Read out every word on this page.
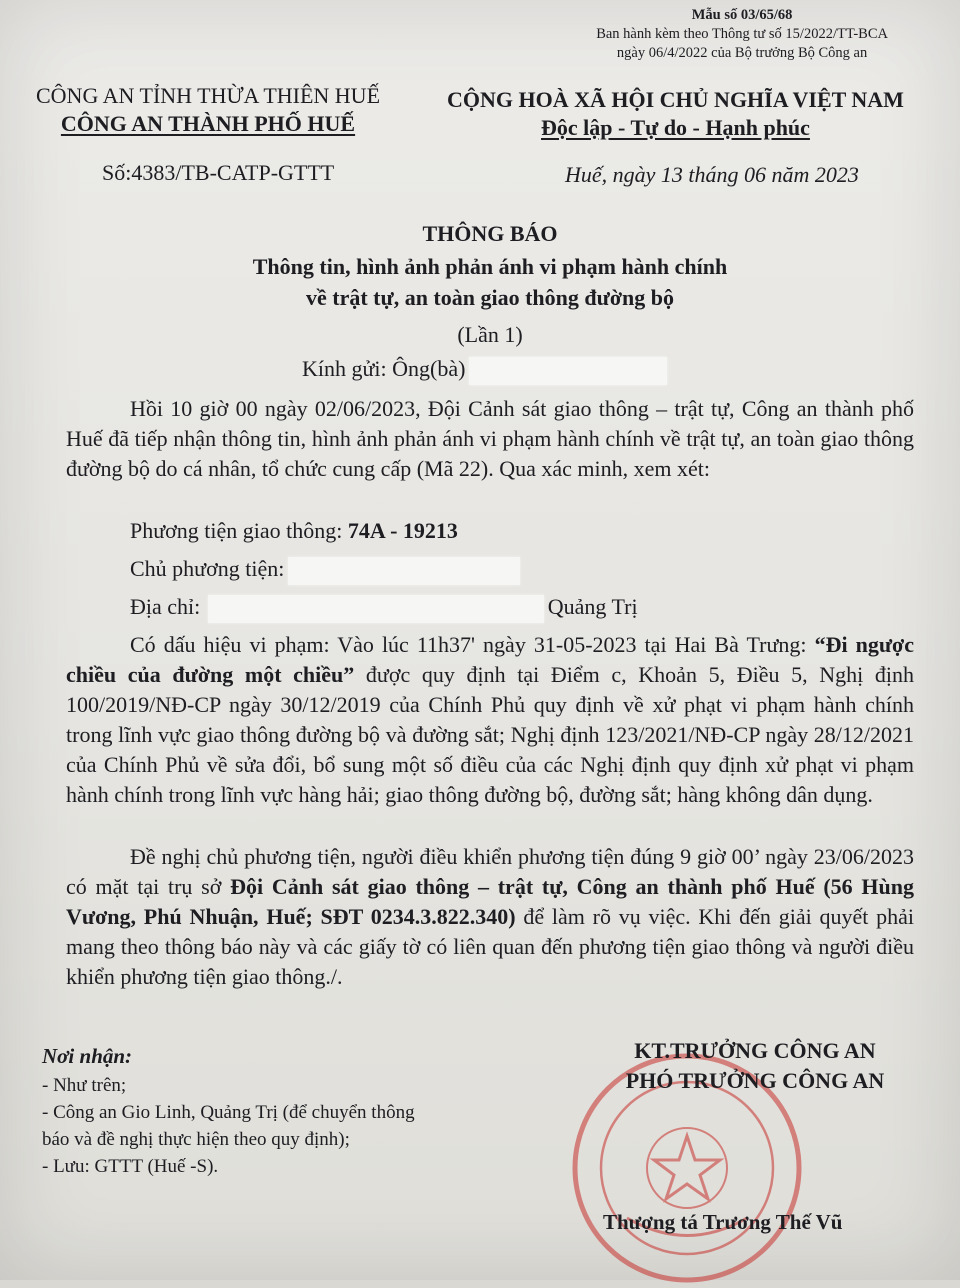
Mẫu số 03/65/68
Ban hành kèm theo Thông tư số 15/2022/TT-BCA
ngày 06/4/2022 của Bộ trưởng Bộ Công an
CÔNG AN TỈNH THỪA THIÊN HUẾ
CÔNG AN THÀNH PHỐ HUẾ
CỘNG HOÀ XÃ HỘI CHỦ NGHĨA VIỆT NAM
Độc lập - Tự do - Hạnh phúc
Số:4383/TB-CATP-GTTT	Huế, ngày 13 tháng 06 năm 2023
THÔNG BÁO
Thông tin, hình ảnh phản ánh vi phạm hành chính
về trật tự, an toàn giao thông đường bộ
(Lần 1)
Kính gửi: Ông(bà)
Hồi 10 giờ 00 ngày 02/06/2023, Đội Cảnh sát giao thông – trật tự, Công an thành phố Huế đã tiếp nhận thông tin, hình ảnh phản ánh vi phạm hành chính về trật tự, an toàn giao thông đường bộ do cá nhân, tổ chức cung cấp (Mã 22). Qua xác minh, xem xét:
Phương tiện giao thông: 74A - 19213
Chủ phương tiện:
Địa chỉ:	Quảng Trị
Có dấu hiệu vi phạm: Vào lúc 11h37' ngày 31-05-2023 tại Hai Bà Trưng: “Đi ngược chiều của đường một chiều” được quy định tại Điểm c, Khoản 5, Điều 5, Nghị định 100/2019/NĐ-CP ngày 30/12/2019 của Chính Phủ quy định về xử phạt vi phạm hành chính trong lĩnh vực giao thông đường bộ và đường sắt; Nghị định 123/2021/NĐ-CP ngày 28/12/2021 của Chính Phủ về sửa đổi, bổ sung một số điều của các Nghị định quy định xử phạt vi phạm hành chính trong lĩnh vực hàng hải; giao thông đường bộ, đường sắt; hàng không dân dụng.
Đề nghị chủ phương tiện, người điều khiển phương tiện đúng 9 giờ 00’ ngày 23/06/2023 có mặt tại trụ sở Đội Cảnh sát giao thông – trật tự, Công an thành phố Huế (56 Hùng Vương, Phú Nhuận, Huế; SĐT 0234.3.822.340) để làm rõ vụ việc. Khi đến giải quyết phải mang theo thông báo này và các giấy tờ có liên quan đến phương tiện giao thông và người điều khiển phương tiện giao thông./.
Nơi nhận:
- Như trên;
- Công an Gio Linh, Quảng Trị (để chuyển thông
báo và đề nghị thực hiện theo quy định);
- Lưu: GTTT (Huế -S).
KT.TRƯỞNG CÔNG AN
PHÓ TRƯỞNG CÔNG AN
Thượng tá Trương Thế Vũ
